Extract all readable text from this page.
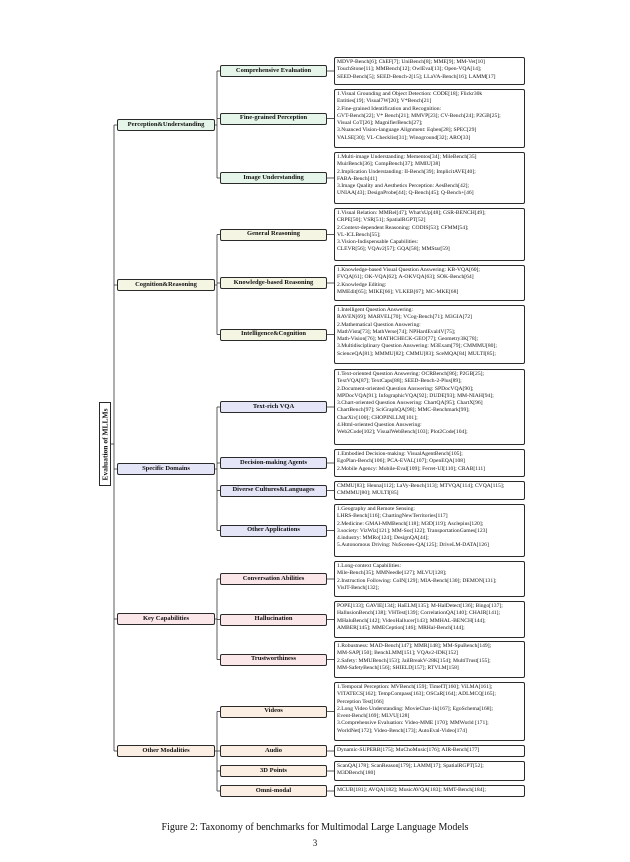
Evaluation of MLLMs
Comprehensive Evaluation
MDVP-Bench[6]; ChEF[7]; UniBench[8]; MME[9]; MM-Vet[10]
TouchStone[11]; MMBench[12]; OwlEval[13]; Open-VQA[14];
SEED-Bench[5]; SEED-Bench-2[15]; LLaVA-Bench[16]; LAMM[17]
Fine-grained Perception
1.Visual Grounding and Object Detection: CODE[18]; Flickr30k
Entities[19]; Visual7W[20]; V*Bench[21]
2.Fine-grained Identification and Recognition:
GVT-Bench[22]; V* Bench[21]; MMVP[23]; CV-Bench[24]; P2GB[25];
Visual CoT[26]; MagnifierBench[27];
3.Nuanced Vision-language Alignment: Eqben[28]; SPEC[29]
VALSE[30]; VL-Checklist[31]; Winoground[32]; ARO[33]
Image Understanding
1.Multi-image Understanding: Mementos[34]; MileBench[35]
MuirBench[36]; CompBench[37]; MMIU[38]
2.Implication Understanding: II-Bench[39]; ImplicitAVE[40];
FABA-Bench[41]
3.Image Quality and Aesthetics Perception: AesBench[42];
UNIAA[43]; DesignProbe[44]; Q-Bench[45]; Q-Bench+[46]
Perception&Understanding
General Reasoning
1.Visual Relation: MMRel[47]; What'sUp[48]; GSR-BENCH[49];
CRPE[50]; VSR[51]; SpatialRGPT[52]
2.Context-dependent Reasoning: CODIS[53]; CFMM[54];
VL-ICLBench[55];
3.Vision-Indispensable Capabilities:
CLEVR[56]; VQAv2[57]; GQA[58]; MMStar[59]
Knowledge-based Reasoning
1.Knowledge-based Visual Question Answering: KB-VQA[60];
FVQA[61]; OK-VQA[62]; A-OKVQA[63]; SOK-Bench[64]
2.Knowledge Editing:
MMEdit[65]; MIKE[66]; VLKEB[67]; MC-MKE[68]
Intelligence&Cognition
1.Intelligent Question Answering:
RAVEN[69]; MARVEL[70]; VCog-Bench[71]; M3GIA[72]
2.Mathematical Question Answering:
MathVista[73]; MathVerse[74]; NPHardEval4V[75];
Math-Vision[76]; MATHCHECK-GEO[77]; Geometry3K[78];
3.Multidisciplinary Question Answering: M3Exam[79]; CMMMU[80];
ScienceQA[81]; MMMU[82]; CMMU[83]; SceMQA[84] MULTI[85];
Cognition&Reasoning
Text-rich VQA
1.Text-oriented Question Answering: OCRBench[86]; P2GB[25];
TextVQA[87]; TextCaps[88]; SEED-Bench-2-Plus[89];
2.Document-oriented Question Answering: SPDocVQA[90];
MPDocVQA[91]; InfographicVQA[92]; DUDE[93]; MM-NIAH[94];
3.Chart-oriented Question Answering: ChartQA[95]; ChartX[96]
ChartBench[97]; SciGraphQA[98]; MMC-Benchmark[99];
CharXiv[100]; CHOPINLLM[101];
4.Html-oriented Question Answering:
Web2Code[102]; VisualWebBench[103]; Plot2Code[104];
Decision-making Agents
1.Embodied Decision-making: VisualAgentBench[105];
EgoPlan-Bench[106]; PCA-EVAL[107]; OpenEQA[108]
2.Mobile Agency: Mobile-Eval[109]; Ferret-UI[110]; CRAB[111]
Diverse Cultures&Languages
CMMU[83]; Henna[112]; LaVy-Bench[113]; MTVQA[114]; CVQA[115];
CMMMU[80]; MULTI[85]
Other Applications
1.Geography and Remote Sensing:
LHRS-Bench[116]; ChartingNewTerritories[117]
2.Medicine: GMAI-MMBench[118]; M3D[119]; Asclepius[120];
3.society: VizWiz[121]; MM-Soc[122]; TransportationGames[123]
4.industry: MMRo[124]; DesignQA[44];
5.Autonomous Driving: NuScenes-QA[125]; DriveLM-DATA[126]
Specific Domains
Conversation Abilities
1.Long-context Capabilities:
Mile-Bench[35]; MMNeedle[127]; MLVU[128];
2.Instruction Following: CoIN[129]; MIA-Bench[130]; DEMON[131];
VisIT-Bench[132];
Hallucination
POPE[133]; GAVIE[134]; HaELM[135]; M-HalDetect[136]; Bingo[137];
HallusionBench[138]; VHTest[139]; CorrelationQA[140]; CHAIR[141];
MHaluBench[142]; VideoHallucer[143]; MMHAL-BENCH[144];
AMBER[145]; MMECeption[146]; MRHal-Bench[144];
Trustworthiness
1.Robustness: MAD-Bench[147]; MMR[148]; MM-SpuBench[149];
MM-SAP[150]; BenchLMM[151]; VQAv2-IDK[152]
2.Safety: MMUBench[153]; JailBreakV-28K[154]; MultiTrust[155];
MM-SafetyBench[156]; SHIELD[157]; RTVLM[158]
Key Capabilities
Videos
1.Temporal Perception: MVBench[159]; TimeIT[160]; ViLMA[161];
VITATECS[162]; TempCompass[163]; OSCaR[164]; ADLMCQ[165];
Perception Test[166]
2.Long Video Understanding: MovieChat-1k[167]; EgoSchema[168];
Event-Bench[169]; MLVU[128]
3.Comprehensive Evaluation: Video-MME [170]; MMWorld [171];
WorldNet[172]; Video-Bench[173]; AutoEval-Video[174]
Audio	Dynamic-SUPERB[175]; MuChoMusic[176]; AIR-Bench[177]
3D Points
ScanQA[178]; ScanReason[179]; LAMM[17]; SpatialRGPT[52];
M3DBench[180]
Omni-modal	MCUB[181]; AVQA[182]; MusicAVQA[183]; MMT-Bench[184];
Other Modalities
Figure 2: Taxonomy of benchmarks for Multimodal Large Language Models
3
